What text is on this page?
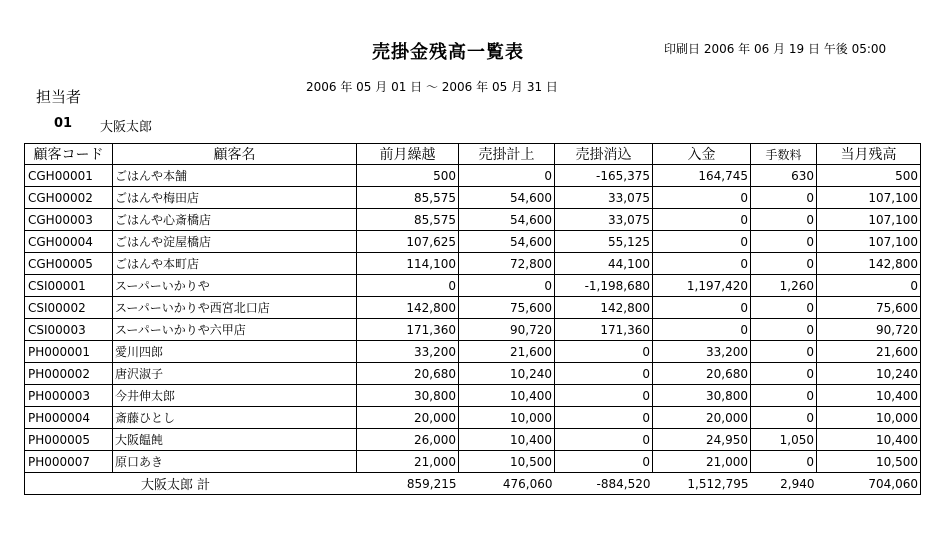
売掛金残高一覧表	印刷日 2006 年 06 月 19 日 午後 05:00
2006 年 05 月 01 日 ～ 2006 年 05 月 31 日
担当者
01 大阪太郎
顧客コード	顧客名	前月繰越	売掛計上	売掛消込	入金	手数料	当月残高
CGH00001	ごはんや本舗	500	0	-165,375	164,745	630	500
CGH00002	ごはんや梅田店	85,575	54,600	33,075	0	0	107,100
CGH00003	ごはんや心斎橋店	85,575	54,600	33,075	0	0	107,100
CGH00004	ごはんや淀屋橋店	107,625	54,600	55,125	0	0	107,100
CGH00005	ごはんや本町店	114,100	72,800	44,100	0	0	142,800
CSI00001	スーパーいかりや	0	0	-1,198,680	1,197,420	1,260	0
CSI00002	スーパーいかりや西宮北口店	142,800	75,600	142,800	0	0	75,600
CSI00003	スーパーいかりや六甲店	171,360	90,720	171,360	0	0	90,720
PH000001	愛川四郎	33,200	21,600	0	33,200	0	21,600
PH000002	唐沢淑子	20,680	10,240	0	20,680	0	10,240
PH000003	今井伸太郎	30,800	10,400	0	30,800	0	10,400
PH000004	斎藤ひとし	20,000	10,000	0	20,000	0	10,000
PH000005	大阪饂飩	26,000	10,400	0	24,950	1,050	10,400
PH000007	原口あき	21,000	10,500	0	21,000	0	10,500
大阪太郎 計		859,215	476,060	-884,520	1,512,795	2,940	704,060
